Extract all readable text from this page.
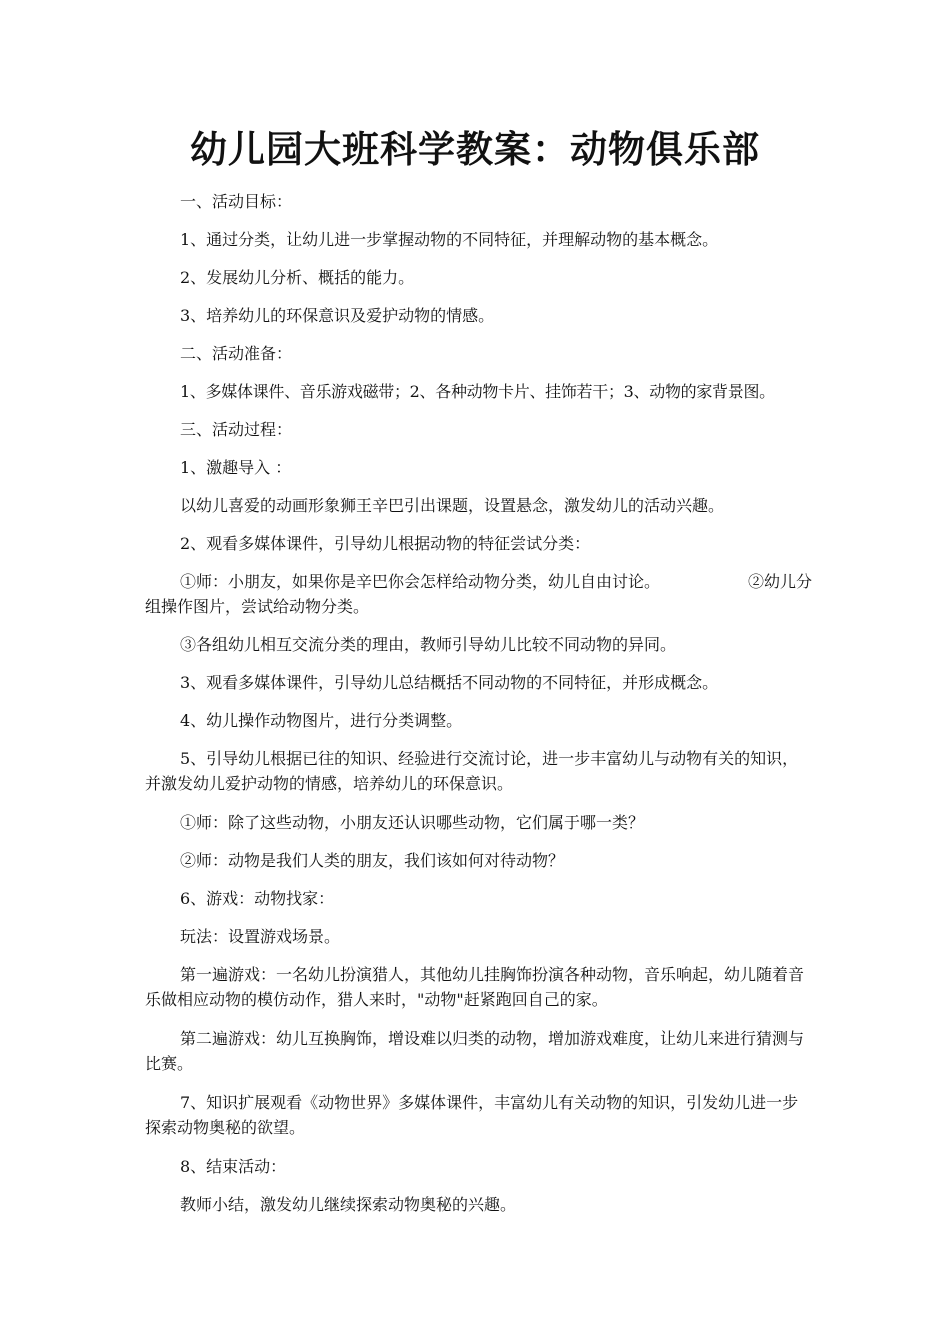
幼儿园大班科学教案：动物俱乐部

一、活动目标：

1、通过分类，让幼儿进一步掌握动物的不同特征，并理解动物的基本概念。

2、发展幼儿分析、概括的能力。

3、培养幼儿的环保意识及爱护动物的情感。

二、活动准备：

1、多媒体课件、音乐游戏磁带；2、各种动物卡片、挂饰若干；3、动物的家背景图。

三、活动过程：

1、激趣导入 ：

以幼儿喜爱的动画形象狮王辛巴引出课题，设置悬念，激发幼儿的活动兴趣。

2、观看多媒体课件，引导幼儿根据动物的特征尝试分类：

①师：小朋友，如果你是辛巴你会怎样给动物分类，幼儿自由讨论。　　　　　　②幼儿分组操作图片，尝试给动物分类。

③各组幼儿相互交流分类的理由，教师引导幼儿比较不同动物的异同。

3、观看多媒体课件，引导幼儿总结概括不同动物的不同特征，并形成概念。

4、幼儿操作动物图片，进行分类调整。

5、引导幼儿根据已往的知识、经验进行交流讨论，进一步丰富幼儿与动物有关的知识，并激发幼儿爱护动物的情感，培养幼儿的环保意识。

①师：除了这些动物，小朋友还认识哪些动物，它们属于哪一类？

②师：动物是我们人类的朋友，我们该如何对待动物？

6、游戏：动物找家：

玩法：设置游戏场景。

第一遍游戏：一名幼儿扮演猎人，其他幼儿挂胸饰扮演各种动物，音乐响起，幼儿随着音乐做相应动物的模仿动作，猎人来时，"动物"赶紧跑回自己的家。

第二遍游戏：幼儿互换胸饰，增设难以归类的动物，增加游戏难度，让幼儿来进行猜测与比赛。

7、知识扩展观看《动物世界》多媒体课件，丰富幼儿有关动物的知识，引发幼儿进一步探索动物奥秘的欲望。

8、结束活动：

教师小结，激发幼儿继续探索动物奥秘的兴趣。
